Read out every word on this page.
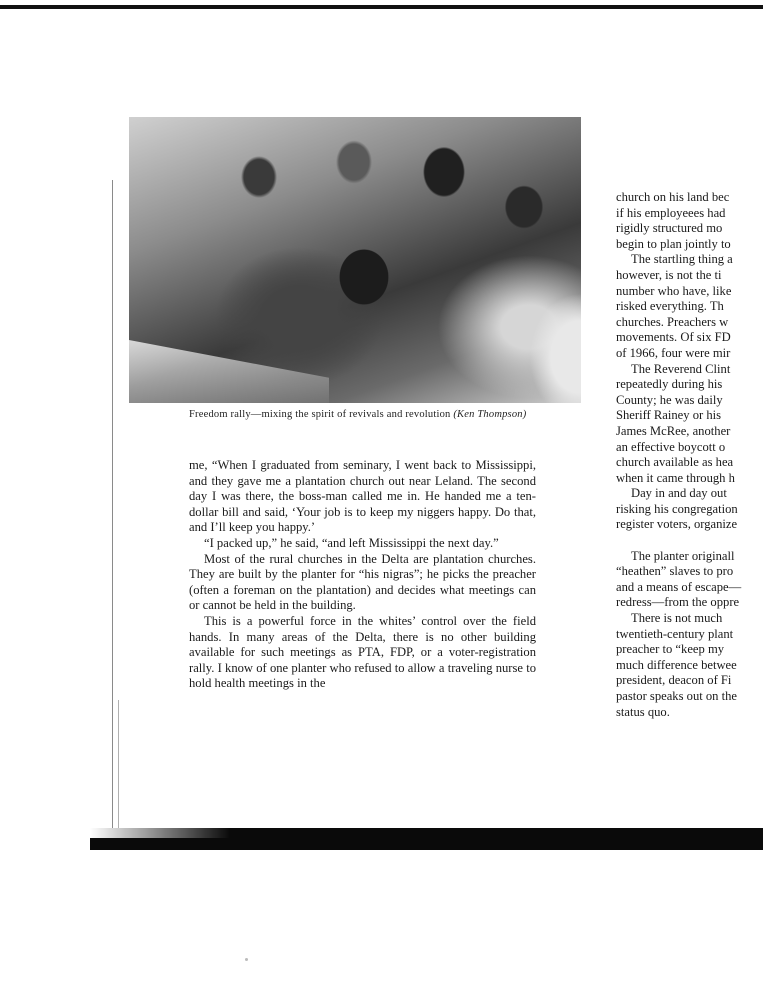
Freedom rally—mixing the spirit of revivals and revolution (Ken Thompson)

me, “When I graduated from seminary, I went back to Mississippi, and they gave me a plantation church out near Leland. The second day I was there, the boss-man called me in. He handed me a ten-dollar bill and said, ‘Your job is to keep my niggers happy. Do that, and I’ll keep you happy.’

“I packed up,” he said, “and left Mississippi the next day.”

Most of the rural churches in the Delta are plantation churches. They are built by the planter for “his nigras”; he picks the preacher (often a foreman on the plantation) and decides what meetings can or cannot be held in the building.

This is a powerful force in the whites’ control over the field hands. In many areas of the Delta, there is no other building available for such meetings as PTA, FDP, or a voter-registration rally. I know of one planter who refused to allow a traveling nurse to hold health meetings in the

church on his land bec

if his employeees had

rigidly structured mo

begin to plan jointly to

The startling thing a

however, is not the ti

number who have, like

risked everything. Th

churches. Preachers w

movements. Of six FD

of 1966, four were mir

The Reverend Clint

repeatedly during his

County; he was daily

Sheriff Rainey or his

James McRee, another

an effective boycott o

church available as hea

when it came through h

Day in and day out

risking his congregation

register voters, organize

The planter originall

“heathen” slaves to pro

and a means of escape—

redress—from the oppre

There is not much

twentieth-century plant

preacher to “keep my

much difference betwee

president, deacon of Fi

pastor speaks out on the

status quo.
